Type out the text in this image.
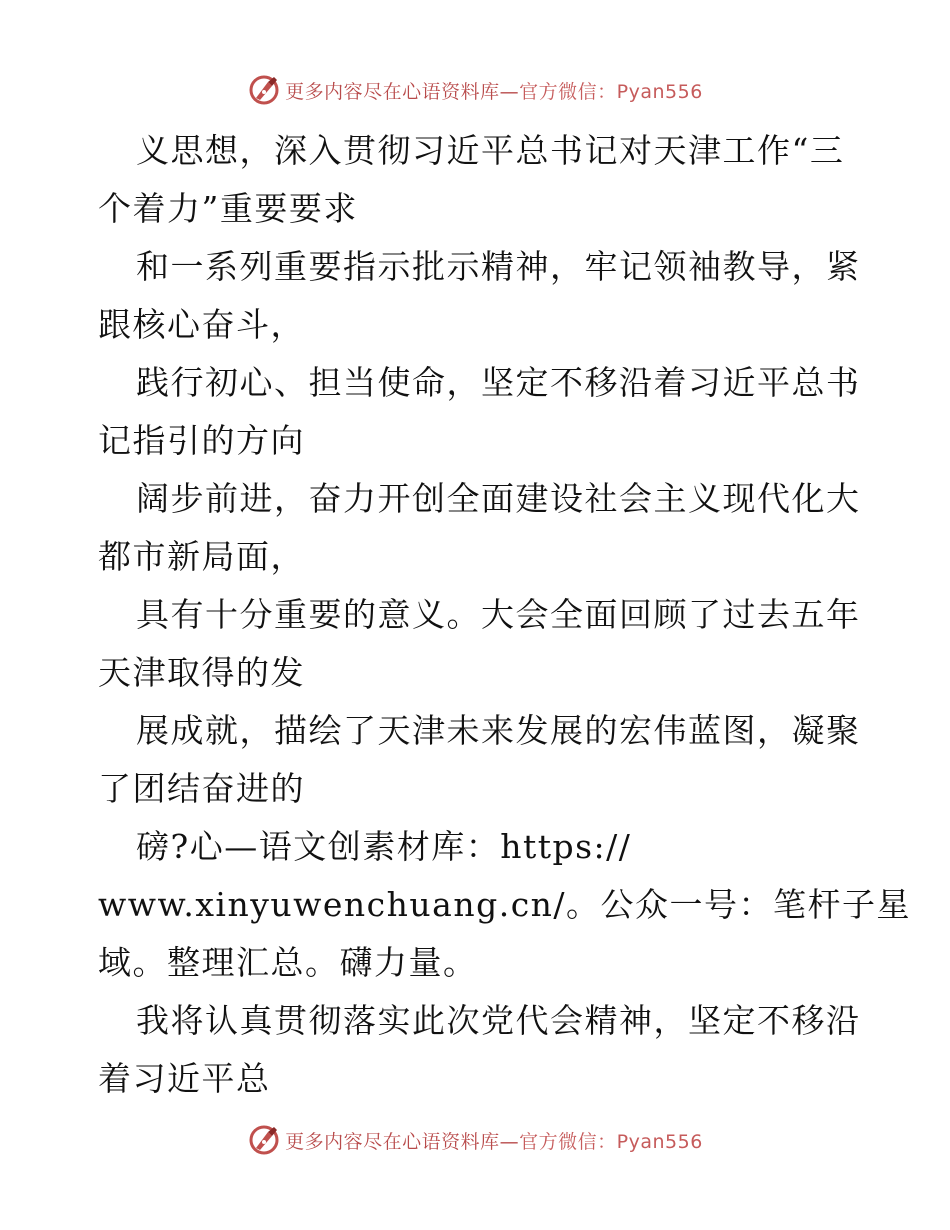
更多内容尽在心语资料库—官方微信：Pyan556
义思想，深入贯彻习近平总书记对天津工作“三
个着力”重要要求
和一系列重要指示批示精神，牢记领袖教导，紧
跟核心奋斗，
践行初心、担当使命，坚定不移沿着习近平总书
记指引的方向
阔步前进，奋力开创全面建设社会主义现代化大
都市新局面，
具有十分重要的意义。大会全面回顾了过去五年
天津取得的发
展成就，描绘了天津未来发展的宏伟蓝图，凝聚
了团结奋进的
磅?心—语文创素材库：https://
www.xinyuwenchuang.cn/。公众一号：笔杆子星
域。整理汇总。礴力量。
我将认真贯彻落实此次党代会精神，坚定不移沿
着习近平总
更多内容尽在心语资料库—官方微信：Pyan556
